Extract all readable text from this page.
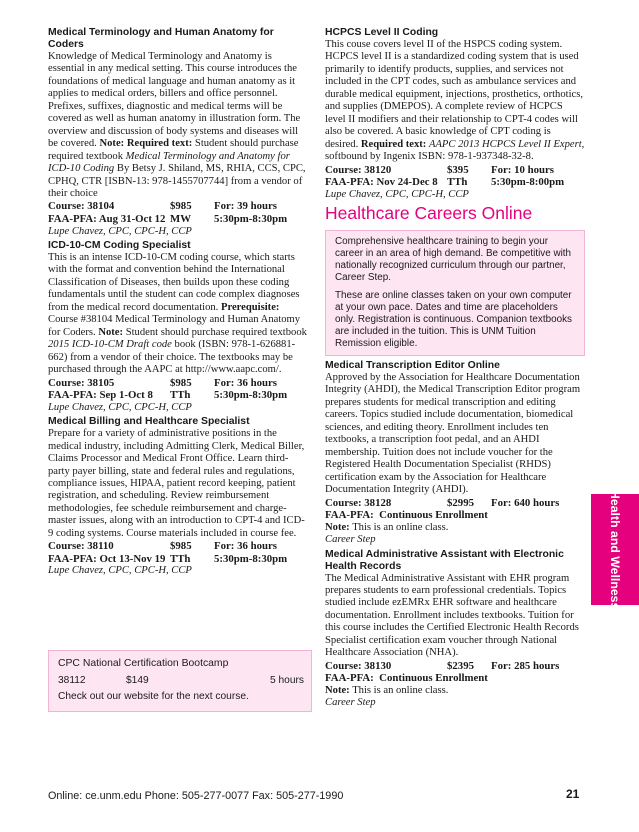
Medical Terminology and Human Anatomy for Coders

Knowledge of Medical Terminology and Anatomy is essential in any medical setting. This course introduces the foundations of medical language and human anatomy as it applies to medical orders, billers and office personnel. Prefixes, suffixes, diagnostic and medical terms will be covered as well as human anatomy in illustration form. The overview and discussion of body systems and diseases will be covered. Note: Required text: Student should purchase required textbook Medical Terminology and Anatomy for ICD-10 Coding By Betsy J. Shiland, MS, RHIA, CCS, CPC, CPHQ, CTR [ISBN-13: 978-1455707744] from a vendor of their choice

Course: 38104	$985	For: 39 hours
FAA-PFA: Aug 31-Oct 12 MW	5:30pm-8:30pm
Lupe Chavez, CPC, CPC-H, CCP

ICD-10-CM Coding Specialist

This is an intense ICD-10-CM coding course, which starts with the format and convention behind the International Classification of Diseases, then builds upon these coding fundamentals until the student can code complex diagnoses from the medical record documentation. Prerequisite: Course #38104 Medical Terminology and Human Anatomy for Coders. Note: Student should purchase required textbook 2015 ICD-10-CM Draft code book (ISBN: 978-1-626881-662) from a vendor of their choice. The textbooks may be purchased through the AAPC at http://www.aapc.com/.

Course: 38105	$985	For: 36 hours
FAA-PFA: Sep 1-Oct 8	TTh	5:30pm-8:30pm
Lupe Chavez, CPC, CPC-H, CCP

Medical Billing and Healthcare Specialist

Prepare for a variety of administrative positions in the medical industry, including Admitting Clerk, Medical Biller, Claims Processor and Medical Front Office. Learn third-party payer billing, state and federal rules and regulations, compliance issues, HIPAA, patient record keeping, patient registration, and scheduling. Review reimbursement methodologies, fee schedule reimbursement and charge-master issues, along with an introduction to CPT-4 and ICD-9 coding systems. Course materials included in course fee.

Course: 38110	$985	For: 36 hours
FAA-PFA: Oct 13-Nov 19 TTh	5:30pm-8:30pm
Lupe Chavez, CPC, CPC-H, CCP
CPC National Certification Bootcamp
38112	$149	5 hours
Check out our website for the next course.

HCPCS Level II Coding

This couse covers level II of the HSPCS coding system. HCPCS level II is a standardized coding system that is used primarily to identify products, supplies, and services not included in the CPT codes, such as ambulance services and durable medical equipment, injections, prosthetics, orthotics, and supplies (DMEPOS). A complete review of HCPCS level II modifiers and their relationship to CPT-4 codes will also be covered. A basic knowledge of CPT coding is desired. Required text: AAPC 2013 HCPCS Level II Expert, softbound by Ingenix ISBN: 978-1-937348-32-8.

Course: 38120	$395	For: 10 hours
FAA-PFA: Nov 24-Dec 8 TTh	5:30pm-8:00pm
Lupe Chavez, CPC, CPC-H, CCP
Healthcare Careers Online

Comprehensive healthcare training to begin your career in an area of high demand. Be competitive with nationally recognized curriculum through our partner, Career Step.

These are online classes taken on your own computer at your own pace. Dates and time are placeholders only. Registration is continuous. Companion textbooks are included in the tuition. This is UNM Tuition Remission eligible.

Medical Transcription Editor Online

Approved by the Association for Healthcare Documentation Integrity (AHDI), the Medical Transcription Editor program prepares students for medical transcription and editing careers. Topics studied include documentation, biomedical sciences, and editing theory. Enrollment includes ten textbooks, a transcription foot pedal, and an AHDI membership. Tuition does not include voucher for the Registered Health Documentation Specialist (RHDS) certification exam by the Association for Healthcare Documentation Integrity (AHDI).

Course: 38128	$2995	For: 640 hours
FAA-PFA:  Continuous Enrollment
Note: This is an online class.
Career Step

Medical Administrative Assistant with Electronic Health Records

The Medical Administrative Assistant with EHR program prepares students to earn professional credentials. Topics studied include ezEMRx EHR software and healthcare documentation. Enrollment includes textbooks. Tuition for this course includes the Certified Electronic Health Records Specialist certification exam voucher through National Healthcare Association (NHA).

Course: 38130	$2395	For: 285 hours
FAA-PFA:  Continuous Enrollment
Note: This is an online class.
Career Step
Health and Wellness
Online: ce.unm.edu Phone: 505-277-0077 Fax: 505-277-1990	21
